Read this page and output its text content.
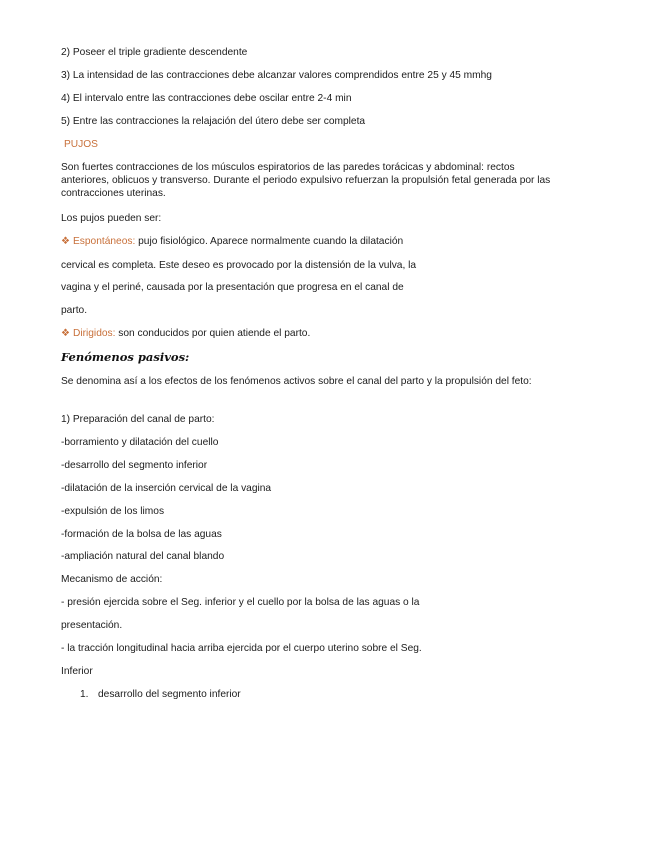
2) Poseer el triple gradiente descendente
3) La intensidad de las contracciones debe alcanzar valores comprendidos entre 25 y 45 mmhg
4) El intervalo entre las contracciones debe oscilar entre 2-4 min
5) Entre las contracciones la relajación del útero debe ser completa
PUJOS
Son fuertes contracciones de los músculos espiratorios de las paredes torácicas y abdominal: rectos anteriores, oblicuos y transverso. Durante el periodo expulsivo refuerzan la propulsión fetal generada por las contracciones uterinas.
Los pujos pueden ser:
❖ Espontáneos: pujo fisiológico. Aparece normalmente cuando la dilatación
cervical es completa. Este deseo es provocado por la distensión de la vulva, la
vagina y el periné, causada por la presentación que progresa en el canal de
parto.
❖ Dirigidos: son conducidos por quien atiende el parto.
Fenómenos pasivos:
Se denomina así a los efectos de los fenómenos activos sobre el canal del parto y la propulsión del feto:
1) Preparación del canal de parto:
-borramiento y dilatación del cuello
-desarrollo del segmento inferior
-dilatación de la inserción cervical de la vagina
-expulsión de los limos
-formación de la bolsa de las aguas
-ampliación natural del canal blando
Mecanismo de acción:
- presión ejercida sobre el Seg. inferior y el cuello por la bolsa de las aguas o la
presentación.
- la tracción longitudinal hacia arriba ejercida por el cuerpo uterino sobre el Seg.
Inferior
1. desarrollo del segmento inferior
